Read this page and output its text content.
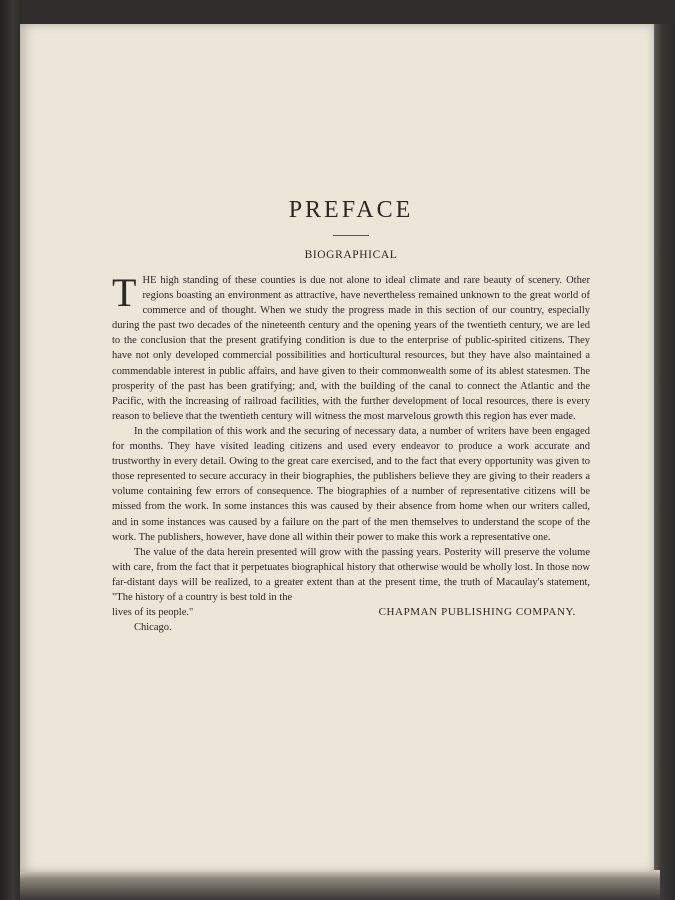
PREFACE
BIOGRAPHICAL

THE high standing of these counties is due not alone to ideal climate and rare beauty of scenery. Other regions boasting an environment as attractive, have nevertheless remained unknown to the great world of commerce and of thought. When we study the progress made in this section of our country, especially during the past two decades of the nineteenth century and the opening years of the twentieth century, we are led to the conclusion that the present gratifying condition is due to the enterprise of public-spirited citizens. They have not only developed commercial possibilities and horticultural resources, but they have also maintained a commendable interest in public affairs, and have given to their commonwealth some of its ablest statesmen. The prosperity of the past has been gratifying; and, with the building of the canal to connect the Atlantic and the Pacific, with the increasing of railroad facilities, with the further development of local resources, there is every reason to believe that the twentieth century will witness the most marvelous growth this region has ever made.

In the compilation of this work and the securing of necessary data, a number of writers have been engaged for months. They have visited leading citizens and used every endeavor to produce a work accurate and trustworthy in every detail. Owing to the great care exercised, and to the fact that every opportunity was given to those represented to secure accuracy in their biographies, the publishers believe they are giving to their readers a volume containing few errors of consequence. The biographies of a number of representative citizens will be missed from the work. In some instances this was caused by their absence from home when our writers called, and in some instances was caused by a failure on the part of the men themselves to understand the scope of the work. The publishers, however, have done all within their power to make this work a representative one.

The value of the data herein presented will grow with the passing years. Posterity will preserve the volume with care, from the fact that it perpetuates biographical history that otherwise would be wholly lost. In those now far-distant days will be realized, to a greater extent than at the present time, the truth of Macaulay's statement, "The history of a country is best told in the

lives of its people."	CHAPMAN PUBLISHING COMPANY.
Chicago.
